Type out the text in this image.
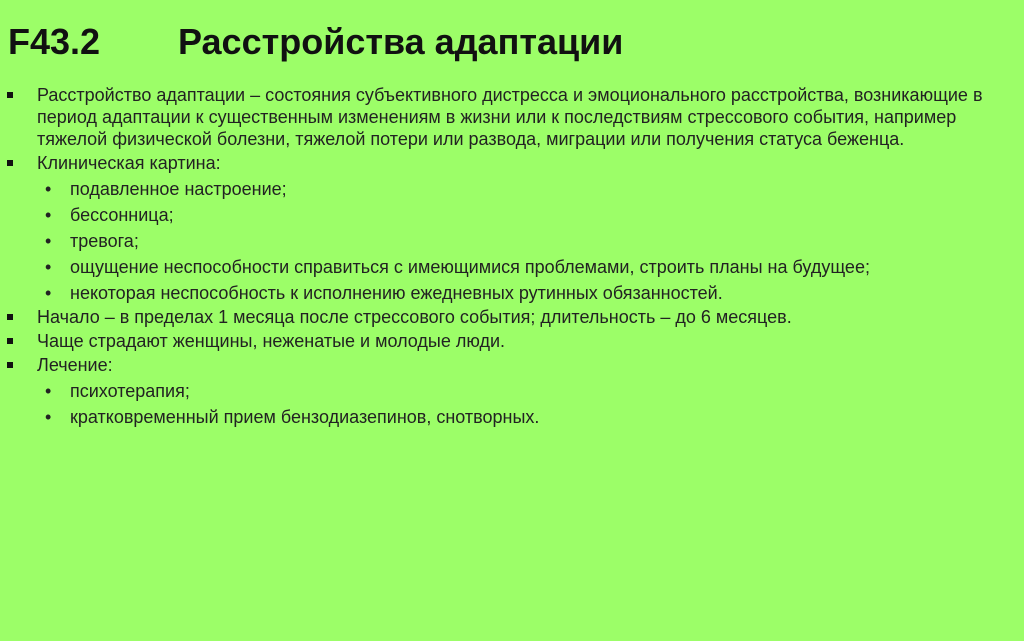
F43.2 Расстройства адаптации
Расстройство адаптации – состояния субъективного дистресса и эмоционального расстройства, возникающие в период адаптации к существенным изменениям в жизни или к последствиям стрессового события, например тяжелой физической болезни, тяжелой потери или развода, миграции или получения статуса беженца.
Клиническая картина:
• подавленное настроение;
• бессонница;
• тревога;
• ощущение неспособности справиться с имеющимися проблемами, строить планы на будущее;
• некоторая неспособность к исполнению ежедневных рутинных обязанностей.
Начало – в пределах 1 месяца после стрессового события; длительность – до 6 месяцев.
Чаще страдают женщины, неженатые и молодые люди.
Лечение:
• психотерапия;
• кратковременный прием бензодиазепинов, снотворных.
